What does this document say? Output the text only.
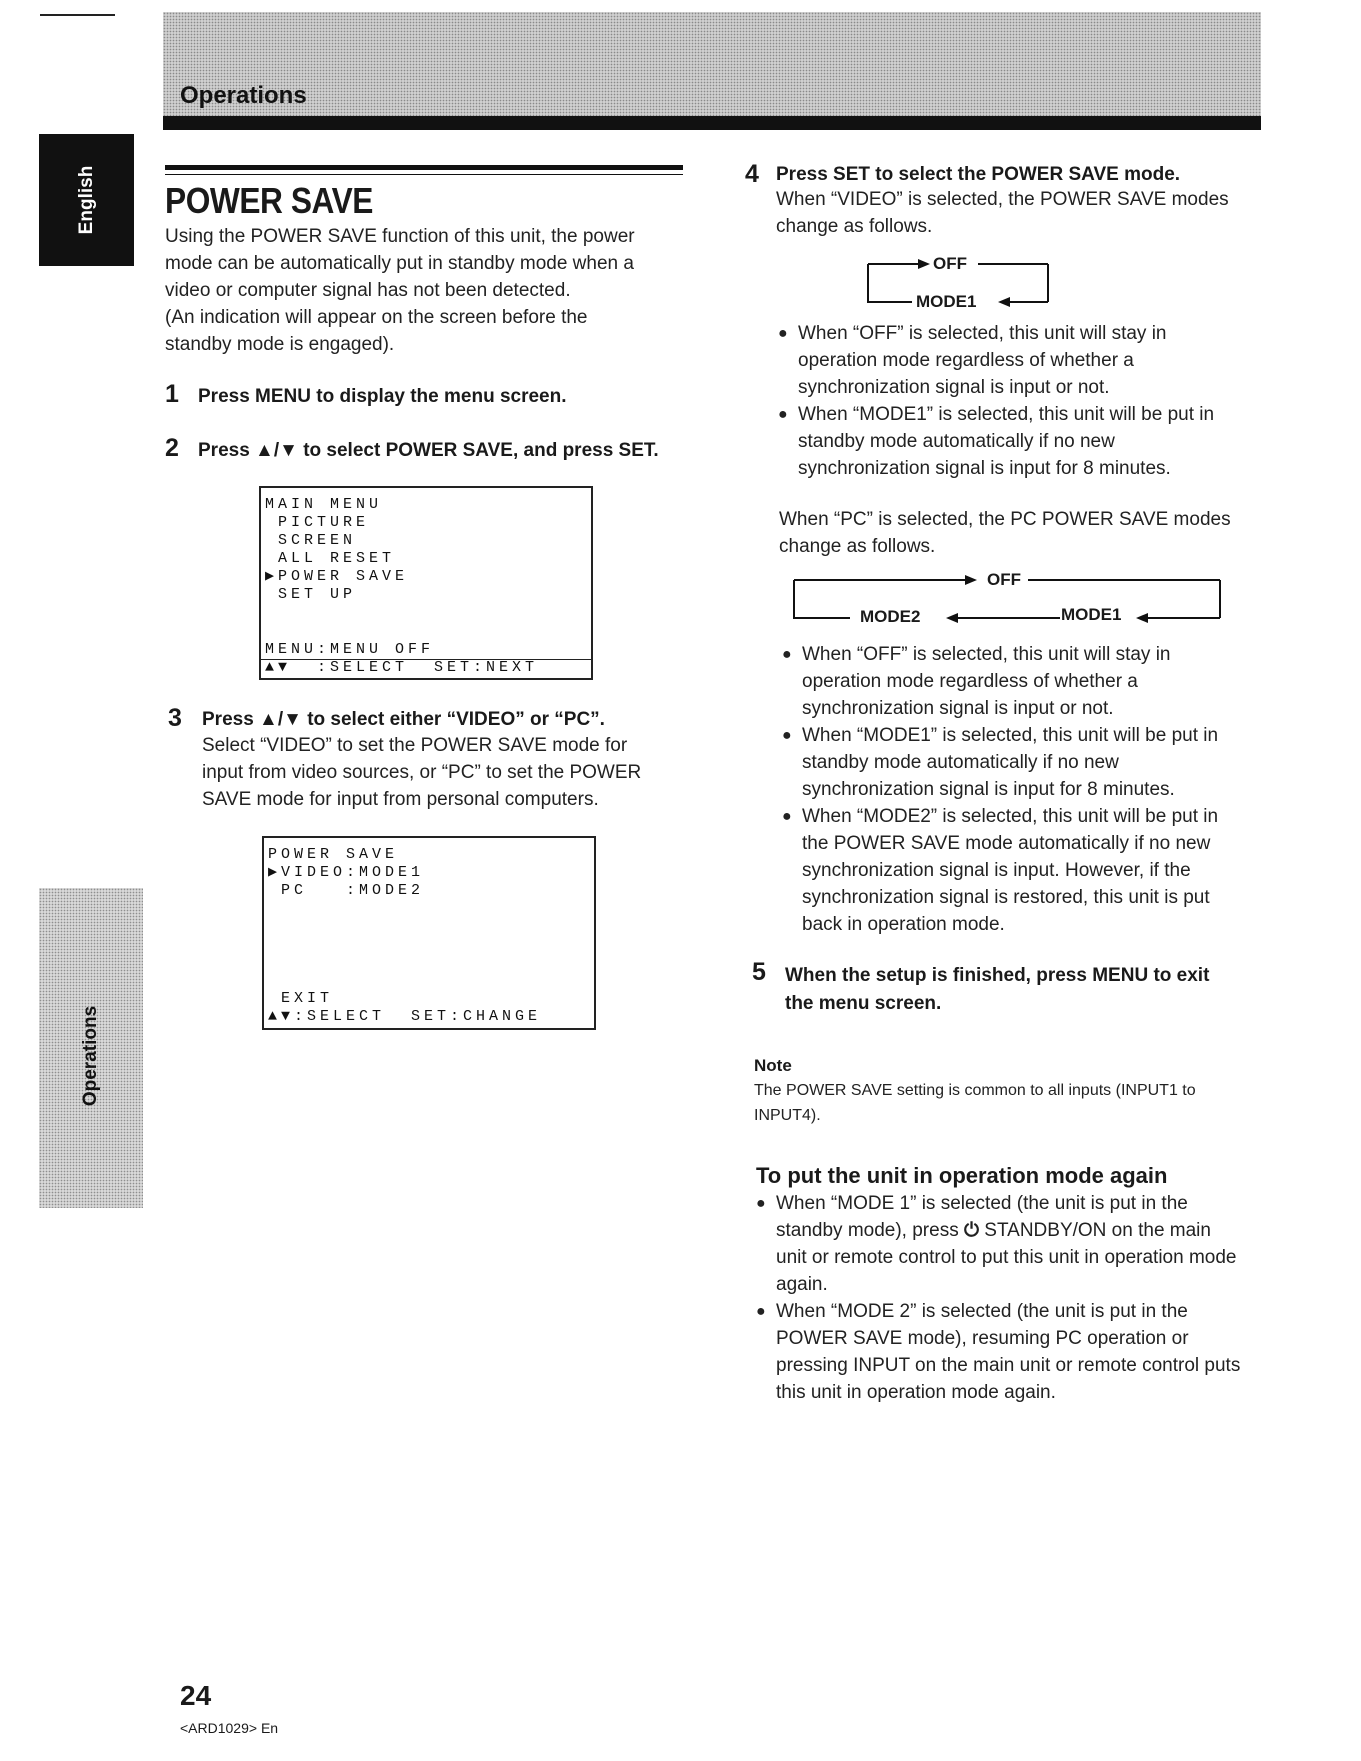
Operations
English
Operations
POWER SAVE
Using the POWER SAVE function of this unit, the power
mode can be automatically put in standby mode when a
video or computer signal has not been detected.
(An indication will appear on the screen before the
standby mode is engaged).
1 Press MENU to display the menu screen.
2 Press ▲/▼ to select POWER SAVE, and press SET.
MAIN MENU
PICTURE
SCREEN
ALL RESET
▶POWER SAVE
SET UP
MENU:MENU OFF
▲▼  :SELECT  SET:NEXT
3 Press ▲/▼ to select either “VIDEO” or “PC”.
Select “VIDEO” to set the POWER SAVE mode for
input from video sources, or “PC” to set the POWER
SAVE mode for input from personal computers.
POWER SAVE
▶VIDEO:MODE1
PC   :MODE2
EXIT
▲▼:SELECT  SET:CHANGE
4 Press SET to select the POWER SAVE mode.
When “VIDEO” is selected, the POWER SAVE modes
change as follows.
OFF
MODE1
● When “OFF” is selected, this unit will stay in
operation mode regardless of whether a
synchronization signal is input or not.
● When “MODE1” is selected, this unit will be put in
standby mode automatically if no new
synchronization signal is input for 8 minutes.
When “PC” is selected, the PC POWER SAVE modes
change as follows.
OFF
MODE1
MODE2
● When “OFF” is selected, this unit will stay in
operation mode regardless of whether a
synchronization signal is input or not.
● When “MODE1” is selected, this unit will be put in
standby mode automatically if no new
synchronization signal is input for 8 minutes.
● When “MODE2” is selected, this unit will be put in
the POWER SAVE mode automatically if no new
synchronization signal is input. However, if the
synchronization signal is restored, this unit is put
back in operation mode.
5 When the setup is finished, press MENU to exit
the menu screen.
Note
The POWER SAVE setting is common to all inputs (INPUT1 to
INPUT4).
To put the unit in operation mode again
● When “MODE 1” is selected (the unit is put in the
standby mode), press ⏻ STANDBY/ON on the main
unit or remote control to put this unit in operation mode
again.
● When “MODE 2” is selected (the unit is put in the
POWER SAVE mode), resuming PC operation or
pressing INPUT on the main unit or remote control puts
this unit in operation mode again.
24
<ARD1029> En
